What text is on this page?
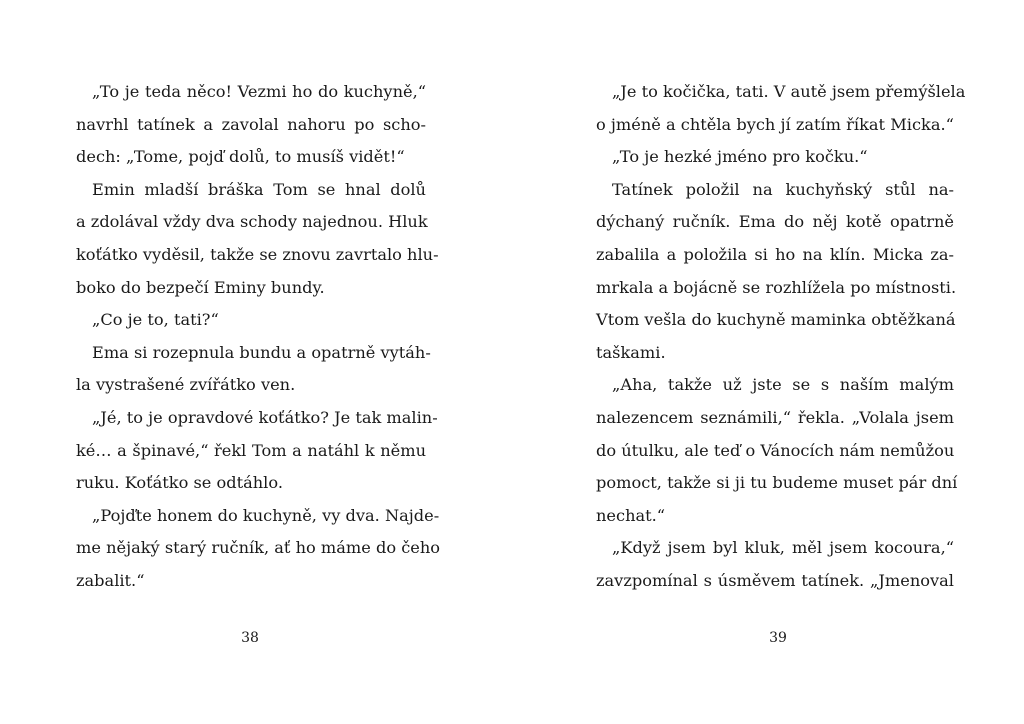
„To je teda něco! Vezmi ho do kuchyně,“
navrhl tatínek a zavolal nahoru po scho-
dech: „Tome, pojď dolů, to musíš vidět!“
Emin mladší bráška Tom se hnal dolů
a zdolával vždy dva schody najednou. Hluk
koťátko vyděsil, takže se znovu zavrtalo hlu-
boko do bezpečí Eminy bundy.
„Co je to, tati?“
Ema si rozepnula bundu a opatrně vytáh-
la vystrašené zvířátko ven.
„Jé, to je opravdové koťátko? Je tak malin-
ké… a špinavé,“ řekl Tom a natáhl k němu
ruku. Koťátko se odtáhlo.
„Pojďte honem do kuchyně, vy dva. Najde-
me nějaký starý ručník, ať ho máme do čeho
zabalit.“
38
„Je to kočička, tati. V autě jsem přemýšlela
o jméně a chtěla bych jí zatím říkat Micka.“
„To je hezké jméno pro kočku.“
Tatínek položil na kuchyňský stůl na-
dýchaný ručník. Ema do něj kotě opatrně
zabalila a položila si ho na klín. Micka za-
mrkala a bojácně se rozhlížela po místnosti.
Vtom vešla do kuchyně maminka obtěžkaná
taškami.
„Aha, takže už jste se s naším malým
nalezencem seznámili,“ řekla. „Volala jsem
do útulku, ale teď o Vánocích nám nemůžou
pomoct, takže si ji tu budeme muset pár dní
nechat.“
„Když jsem byl kluk, měl jsem kocoura,“
zavzpomínal s úsměvem tatínek. „Jmenoval
39
